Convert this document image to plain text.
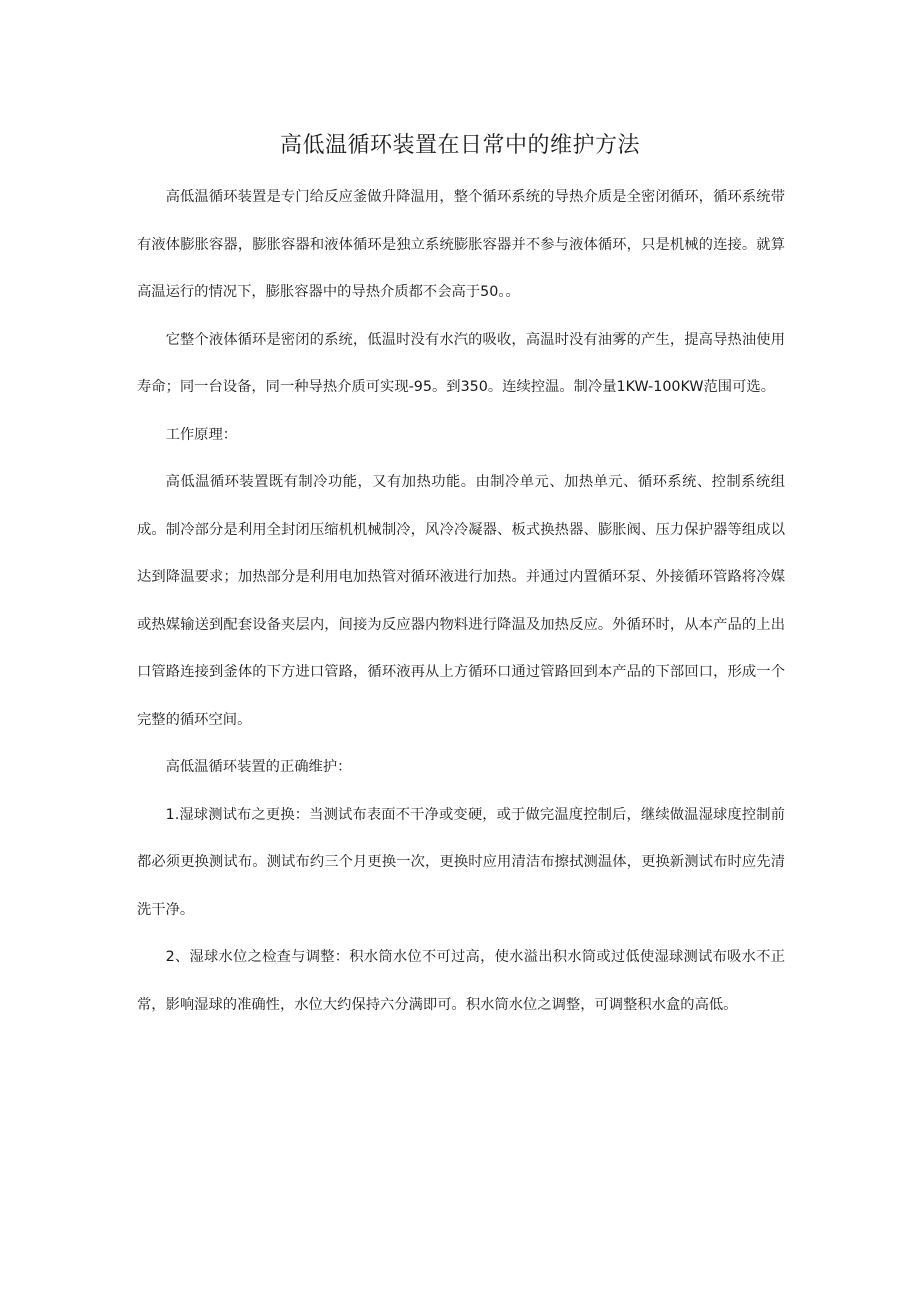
高低温循环装置在日常中的维护方法

高低温循环装置是专门给反应釜做升降温用，整个循环系统的导热介质是全密闭循环，循环系统带有液体膨胀容器，膨胀容器和液体循环是独立系统膨胀容器并不参与液体循环，只是机械的连接。就算高温运行的情况下，膨胀容器中的导热介质都不会高于50。。

它整个液体循环是密闭的系统，低温时没有水汽的吸收，高温时没有油雾的产生，提高导热油使用寿命；同一台设备，同一种导热介质可实现-95。到350。连续控温。制冷量1KW-100KW范围可选。

工作原理：

高低温循环装置既有制冷功能，又有加热功能。由制冷单元、加热单元、循环系统、控制系统组成。制冷部分是利用全封闭压缩机机械制冷，风冷冷凝器、板式换热器、膨胀阀、压力保护器等组成以达到降温要求；加热部分是利用电加热管对循环液进行加热。并通过内置循环泵、外接循环管路将冷媒或热媒输送到配套设备夹层内，间接为反应器内物料进行降温及加热反应。外循环时，从本产品的上出口管路连接到釜体的下方进口管路，循环液再从上方循环口通过管路回到本产品的下部回口，形成一个完整的循环空间。

高低温循环装置的正确维护：

1.湿球测试布之更换：当测试布表面不干净或变硬，或于做完温度控制后，继续做温湿球度控制前都必须更换测试布。测试布约三个月更换一次，更换时应用清洁布擦拭测温体，更换新测试布时应先清洗干净。

2、湿球水位之检查与调整：积水筒水位不可过高，使水溢出积水筒或过低使湿球测试布吸水不正常，影响湿球的准确性，水位大约保持六分满即可。积水筒水位之调整，可调整积水盒的高低。
